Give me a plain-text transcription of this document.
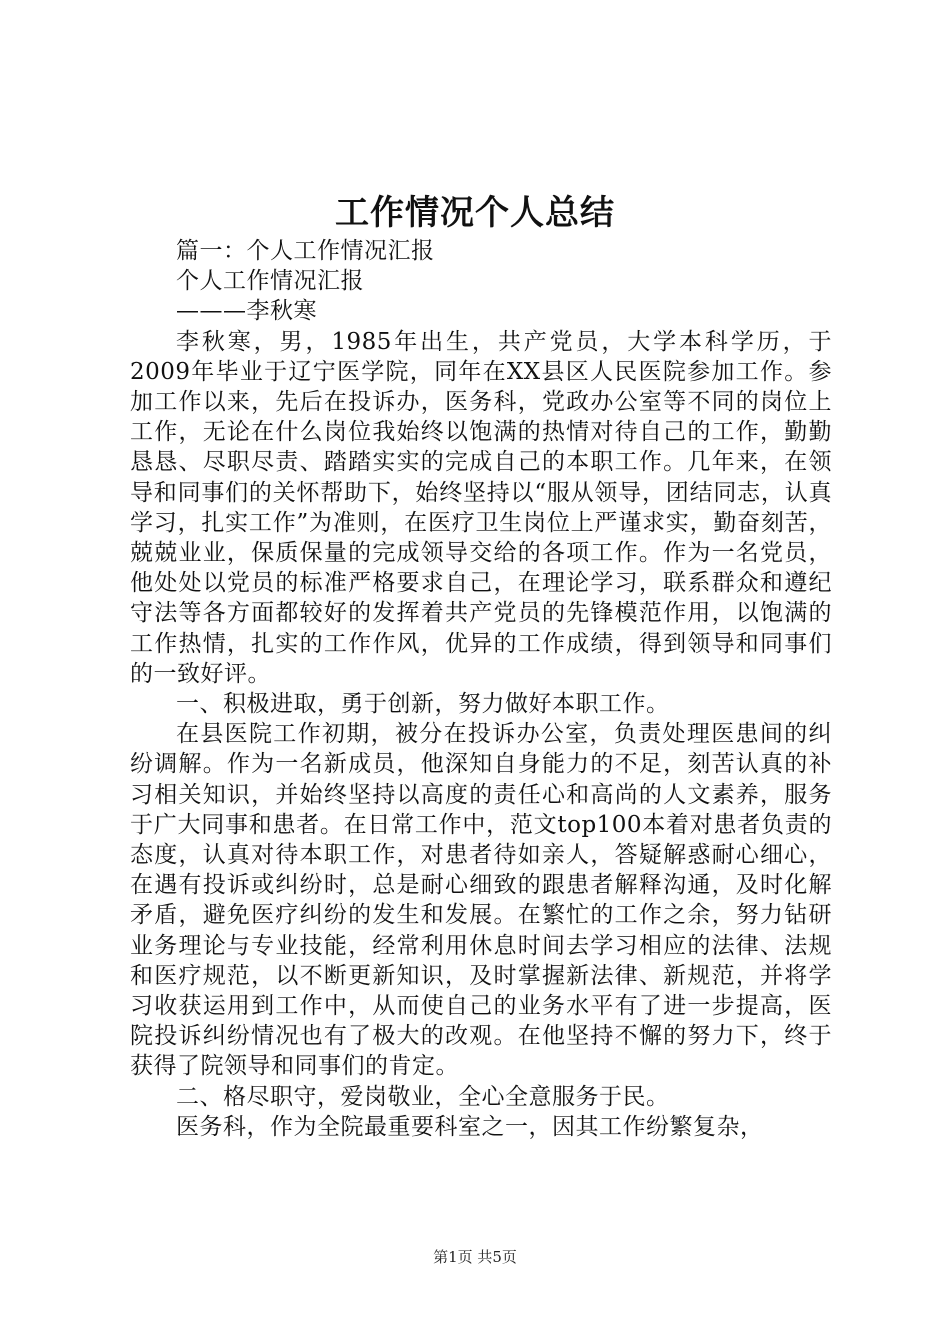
工作情况个人总结

篇一：个人工作情况汇报

个人工作情况汇报

———李秋寒

李秋寒，男，1985年出生，共产党员，大学本科学历，于2009年毕业于辽宁医学院，同年在XX县区人民医院参加工作。参加工作以来，先后在投诉办，医务科，党政办公室等不同的岗位上工作，无论在什么岗位我始终以饱满的热情对待自己的工作，勤勤恳恳、尽职尽责、踏踏实实的完成自己的本职工作。几年来，在领导和同事们的关怀帮助下，始终坚持以“服从领导，团结同志，认真学习，扎实工作”为准则，在医疗卫生岗位上严谨求实，勤奋刻苦，兢兢业业，保质保量的完成领导交给的各项工作。作为一名党员，他处处以党员的标准严格要求自己，在理论学习，联系群众和遵纪守法等各方面都较好的发挥着共产党员的先锋模范作用，以饱满的工作热情，扎实的工作作风，优异的工作成绩，得到领导和同事们的一致好评。

一、积极进取，勇于创新，努力做好本职工作。

在县医院工作初期，被分在投诉办公室，负责处理医患间的纠纷调解。作为一名新成员，他深知自身能力的不足，刻苦认真的补习相关知识，并始终坚持以高度的责任心和高尚的人文素养，服务于广大同事和患者。在日常工作中，范文top100本着对患者负责的态度，认真对待本职工作，对患者待如亲人，答疑解惑耐心细心，在遇有投诉或纠纷时，总是耐心细致的跟患者解释沟通，及时化解矛盾，避免医疗纠纷的发生和发展。在繁忙的工作之余，努力钻研业务理论与专业技能，经常利用休息时间去学习相应的法律、法规和医疗规范，以不断更新知识，及时掌握新法律、新规范，并将学习收获运用到工作中，从而使自己的业务水平有了进一步提高，医院投诉纠纷情况也有了极大的改观。在他坚持不懈的努力下，终于获得了院领导和同事们的肯定。

二、格尽职守，爱岗敬业，全心全意服务于民。

医务科，作为全院最重要科室之一，因其工作纷繁复杂，

第1页 共5页
